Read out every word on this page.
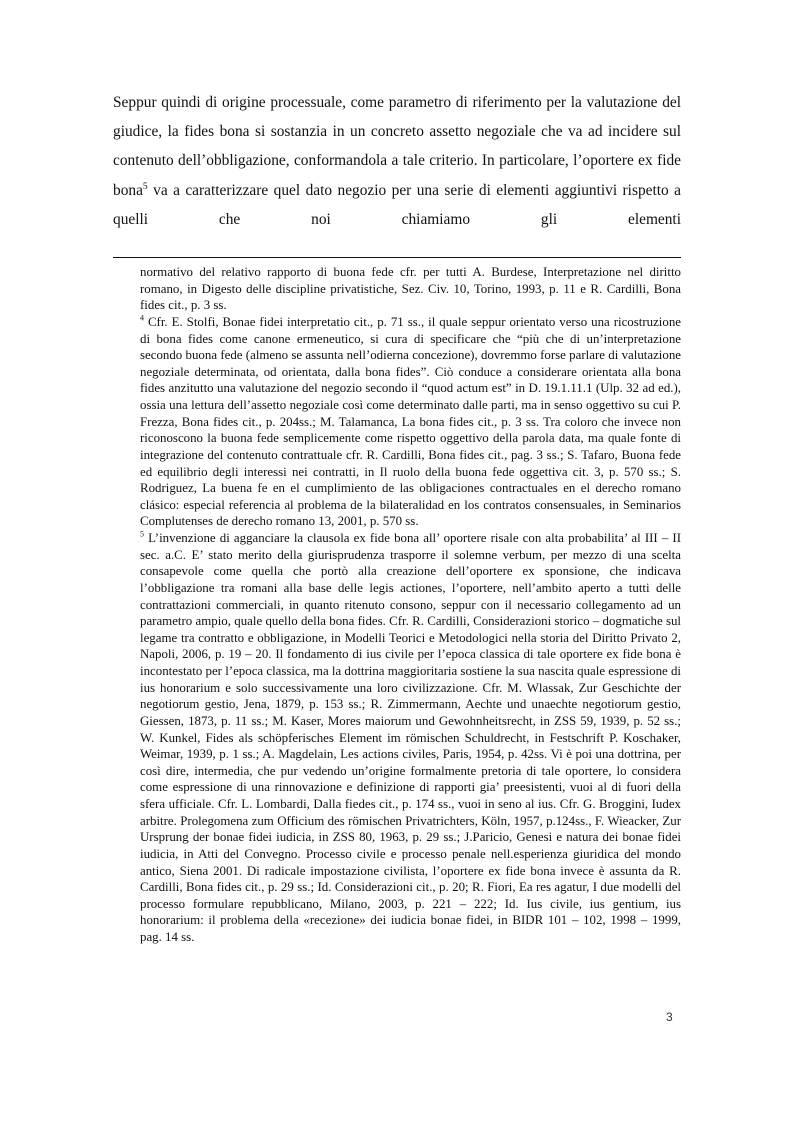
Seppur quindi di origine processuale, come parametro di riferimento per la valutazione del giudice, la fides bona si sostanzia in un concreto assetto negoziale che va ad incidere sul contenuto dell’obbligazione, conformandola a tale criterio. In particolare, l’oportere ex fide bona$^5$ va a caratterizzare quel dato negozio per una serie di elementi aggiuntivi rispetto a quelli che noi chiamiamo gli elementi

normativo del relativo rapporto di buona fede cfr. per tutti A. Burdese, Interpretazione nel diritto romano, in Digesto delle discipline privatistiche, Sez. Civ. 10, Torino, 1993, p. 11 e R. Cardilli, Bona fides cit., p. 3 ss.

$^4$ Cfr. E. Stolfi, Bonae fidei interpretatio cit., p. 71 ss., il quale seppur orientato verso una ricostruzione di bona fides come canone ermeneutico, si cura di specificare che “più che di un’interpretazione secondo buona fede (almeno se assunta nell’odierna concezione), dovremmo forse parlare di valutazione negoziale determinata, od orientata, dalla bona fides”. Ciò conduce a considerare orientata alla bona fides anzitutto una valutazione del negozio secondo il “quod actum est” in D. 19.1.11.1 (Ulp. 32 ad ed.), ossia una lettura dell’assetto negoziale così come determinato dalle parti, ma in senso oggettivo su cui P. Frezza, Bona fides cit., p. 204ss.; M. Talamanca, La bona fides cit., p. 3 ss. Tra coloro che invece non riconoscono la buona fede semplicemente come rispetto oggettivo della parola data, ma quale fonte di integrazione del contenuto contrattuale cfr. R. Cardilli, Bona fides cit., pag. 3 ss.; S. Tafaro, Buona fede ed equilibrio degli interessi nei contratti, in Il ruolo della buona fede oggettiva cit. 3, p. 570 ss.; S. Rodriguez, La buena fe en el cumplimiento de las obligaciones contractuales en el derecho romano clásico: especial referencia al problema de la bilateralidad en los contratos consensuales, in Seminarios Complutenses de derecho romano 13, 2001, p. 570 ss.

$^5$ L’invenzione di agganciare la clausola ex fide bona all’ oportere risale con alta probabilita’ al III – II sec. a.C. E’ stato merito della giurisprudenza trasporre il solemne verbum, per mezzo di una scelta consapevole come quella che portò alla creazione dell’oportere ex sponsione, che indicava l’obbligazione tra romani alla base delle legis actiones, l’oportere, nell’ambito aperto a tutti delle contrattazioni commerciali, in quanto ritenuto consono, seppur con il necessario collegamento ad un parametro ampio, quale quello della bona fides. Cfr. R. Cardilli, Considerazioni storico – dogmatiche sul legame tra contratto e obbligazione, in Modelli Teorici e Metodologici nella storia del Diritto Privato 2, Napoli, 2006, p. 19 – 20. Il fondamento di ius civile per l’epoca classica di tale oportere ex fide bona è incontestato per l’epoca classica, ma la dottrina maggioritaria sostiene la sua nascita quale espressione di ius honorarium e solo successivamente una loro civilizzazione. Cfr. M. Wlassak, Zur Geschichte der negotiorum gestio, Jena, 1879, p. 153 ss.; R. Zimmermann, Aechte und unaechte negotiorum gestio, Giessen, 1873, p. 11 ss.; M. Kaser, Mores maiorum und Gewohnheitsrecht, in ZSS 59, 1939, p. 52 ss.; W. Kunkel, Fides als schöpferisches Element im römischen Schuldrecht, in Festschrift P. Koschaker, Weimar, 1939, p. 1 ss.; A. Magdelain, Les actions civiles, Paris, 1954, p. 42ss. Vi è poi una dottrina, per così dire, intermedia, che pur vedendo un’origine formalmente pretoria di tale oportere, lo considera come espressione di una rinnovazione e definizione di rapporti gia’ preesistenti, vuoi al di fuori della sfera ufficiale. Cfr. L. Lombardi, Dalla fiedes cit., p. 174 ss., vuoi in seno al ius. Cfr. G. Broggini, Iudex arbitre. Prolegomena zum Officium des römischen Privatrichters, Köln, 1957, p.124ss., F. Wieacker, Zur Ursprung der bonae fidei iudicia, in ZSS 80, 1963, p. 29 ss.; J.Paricio, Genesi e natura dei bonae fidei iudicia, in Atti del Convegno. Processo civile e processo penale nell.esperienza giuridica del mondo antico, Siena 2001. Di radicale impostazione civilista, l’oportere ex fide bona invece è assunta da R. Cardilli, Bona fides cit., p. 29 ss.; Id. Considerazioni cit., p. 20; R. Fiori, Ea res agatur, I due modelli del processo formulare repubblicano, Milano, 2003, p. 221 – 222; Id. Ius civile, ius gentium, ius honorarium: il problema della «recezione» dei iudicia bonae fidei, in BIDR 101 – 102, 1998 – 1999, pag. 14 ss.

3
